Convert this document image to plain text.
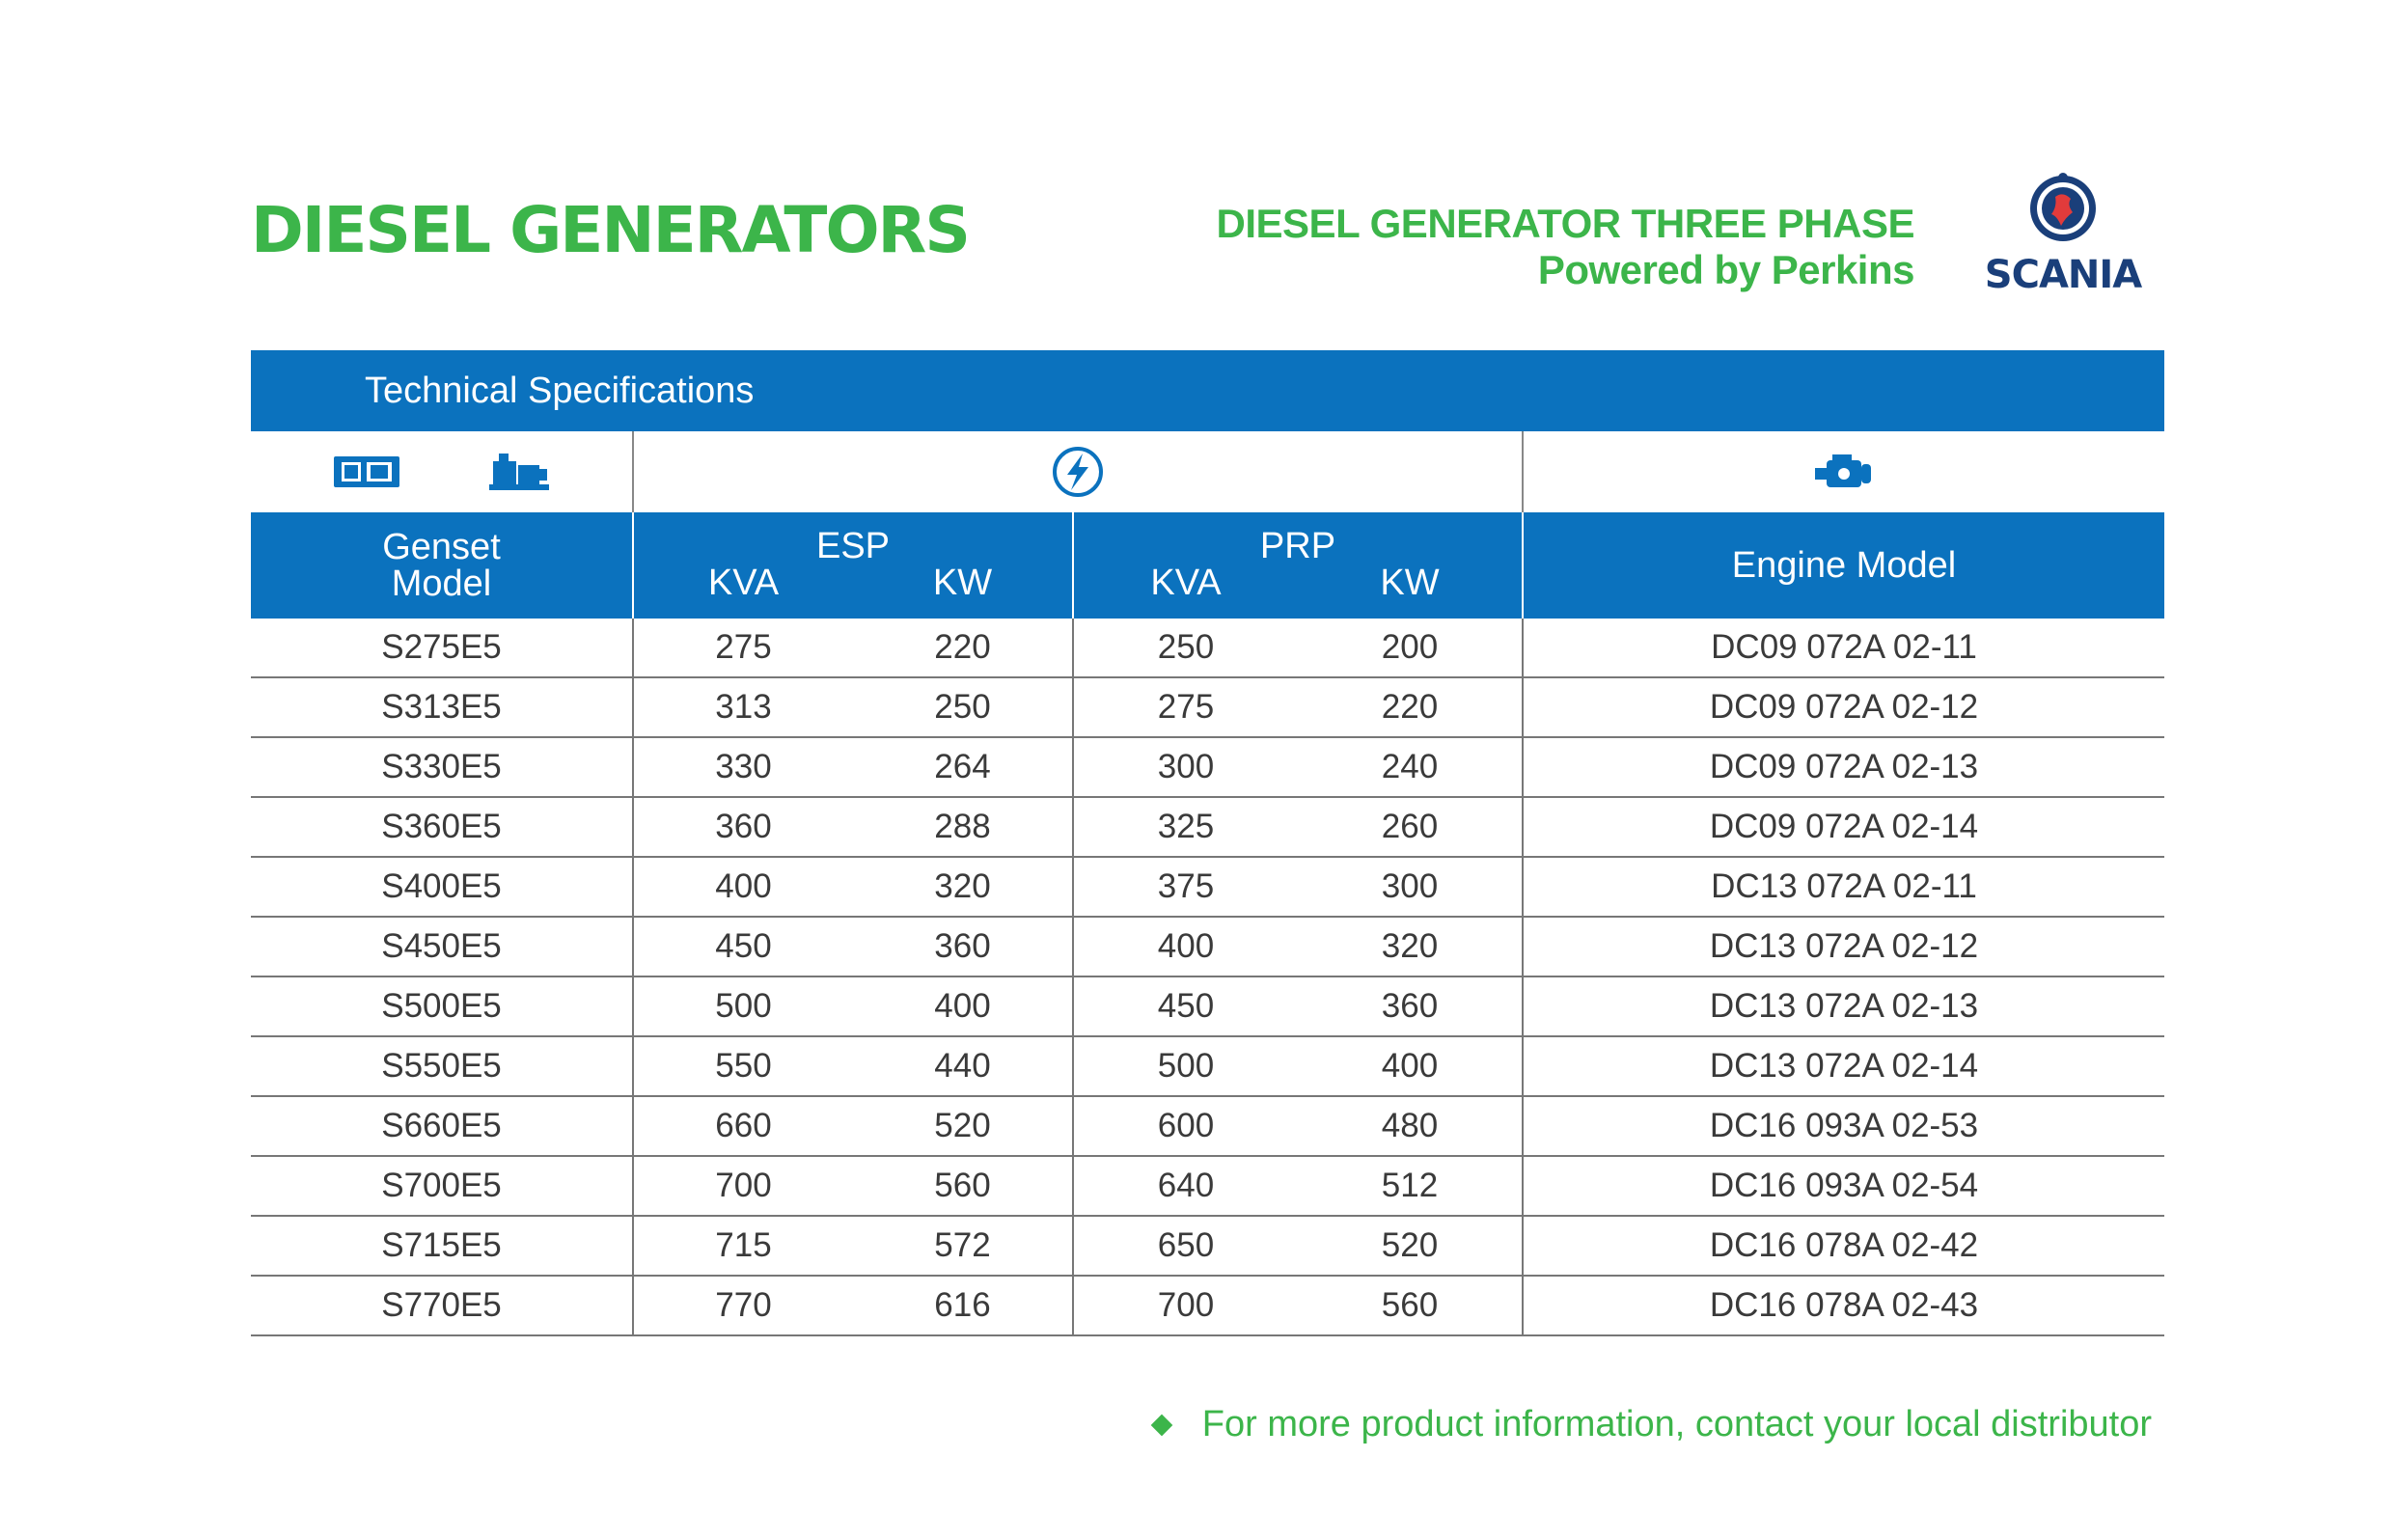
DIESEL GENERATORS	DIESEL GENERATOR THREE PHASE
Powered by Perkins	SCANIA
Technical Specifications
Genset
Model
ESP
KVA	KW
PRP
KVA	KW	Engine Model
S275E5	275	220	250	200	DC09 072A 02-11
S313E5	313	250	275	220	DC09 072A 02-12
S330E5	330	264	300	240	DC09 072A 02-13
S360E5	360	288	325	260	DC09 072A 02-14
S400E5	400	320	375	300	DC13 072A 02-11
S450E5	450	360	400	320	DC13 072A 02-12
S500E5	500	400	450	360	DC13 072A 02-13
S550E5	550	440	500	400	DC13 072A 02-14
S660E5	660	520	600	480	DC16 093A 02-53
S700E5	700	560	640	512	DC16 093A 02-54
S715E5	715	572	650	520	DC16 078A 02-42
S770E5	770	616	700	560	DC16 078A 02-43
For more product information, contact your local distributor
